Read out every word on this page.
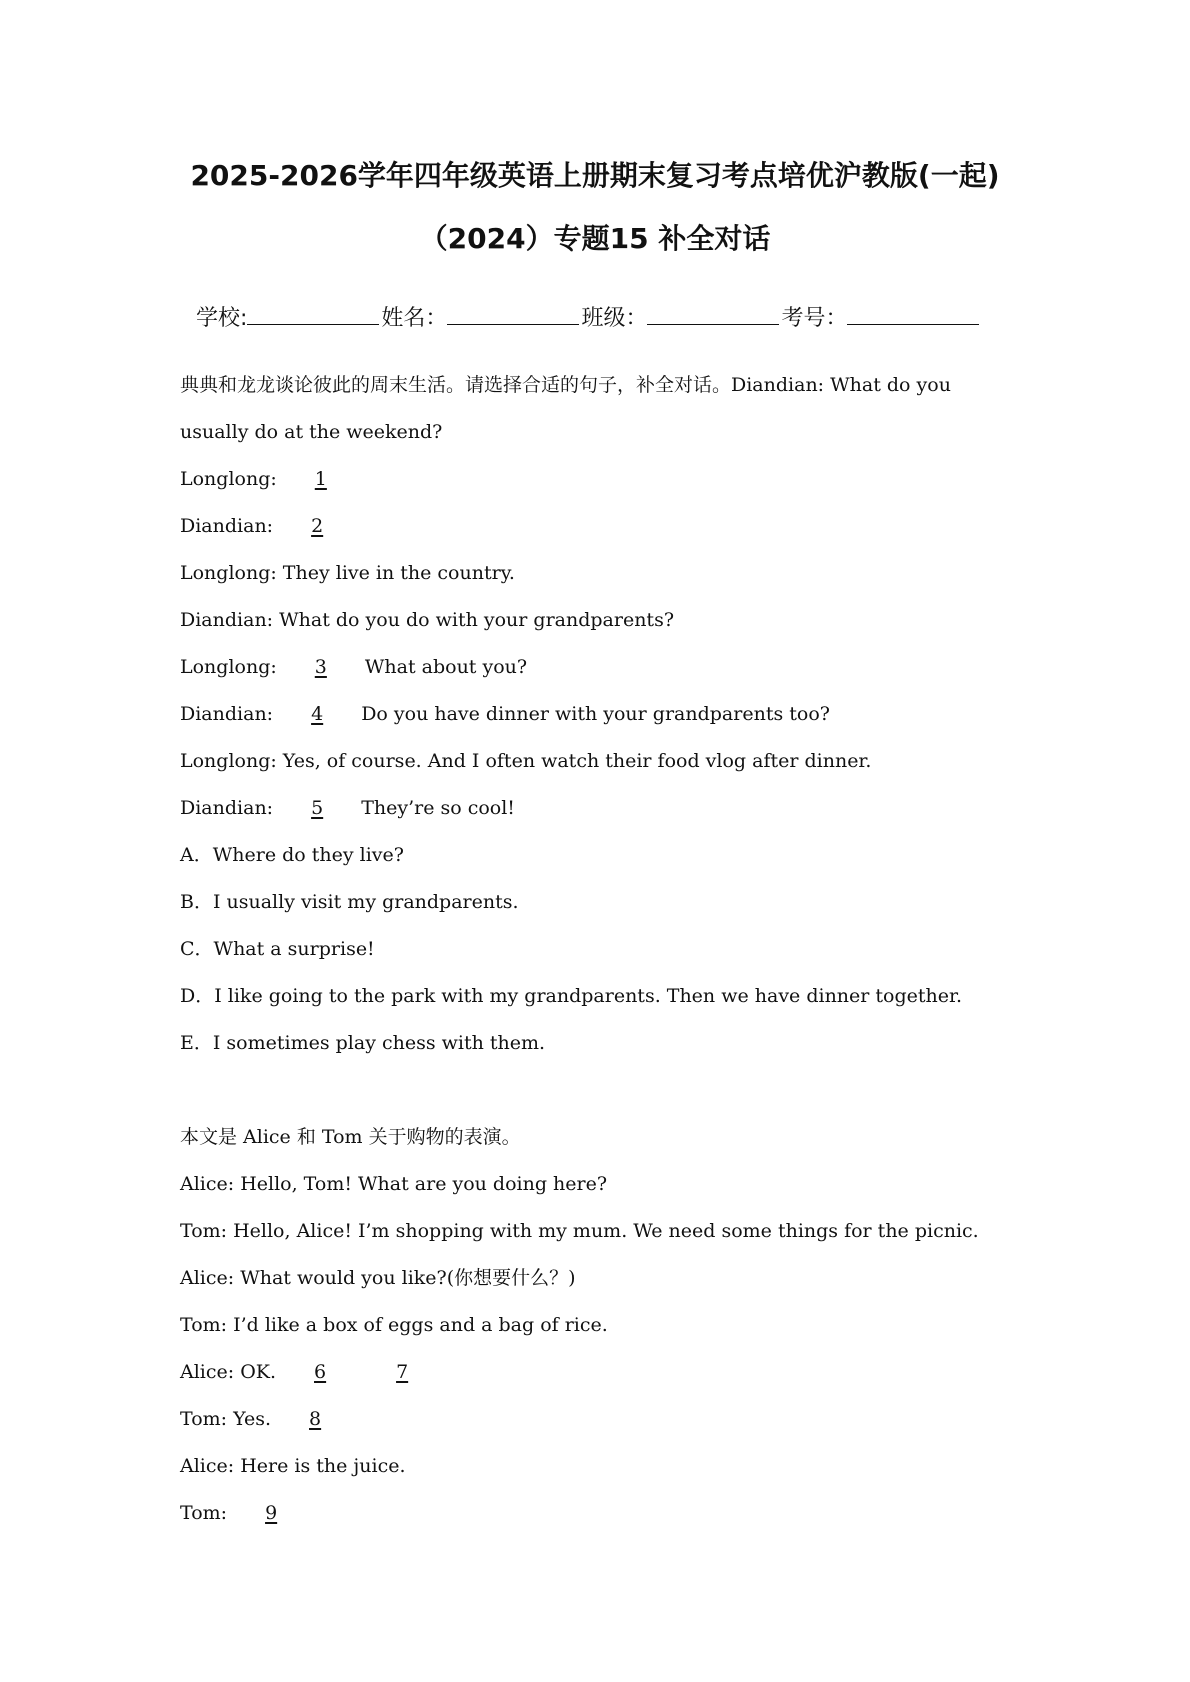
2025-2026学年四年级英语上册期末复习考点培优沪教版(一起)
（2024）专题15 补全对话
学校:	姓名：	班级：	考号：
典典和龙龙谈论彼此的周末生活。请选择合适的句子，补全对话。Diandian: What do you
usually do at the weekend?
Longlong: 1
Diandian: 2
Longlong: They live in the country.
Diandian: What do you do with your grandparents?
Longlong: 3 What about you?
Diandian: 4 Do you have dinner with your grandparents too?
Longlong: Yes, of course. And I often watch their food vlog after dinner.
Diandian: 5 They’re so cool!
A．Where do they live?
B．I usually visit my grandparents.
C．What a surprise!
D．I like going to the park with my grandparents. Then we have dinner together.
E．I sometimes play chess with them.
本文是 Alice 和 Tom 关于购物的表演。
Alice: Hello, Tom! What are you doing here?
Tom: Hello, Alice! I’m shopping with my mum. We need some things for the picnic.
Alice: What would you like?(你想要什么？)
Tom: I’d like a box of eggs and a bag of rice.
Alice: OK. 6	7
Tom: Yes. 8
Alice: Here is the juice.
Tom: 9
